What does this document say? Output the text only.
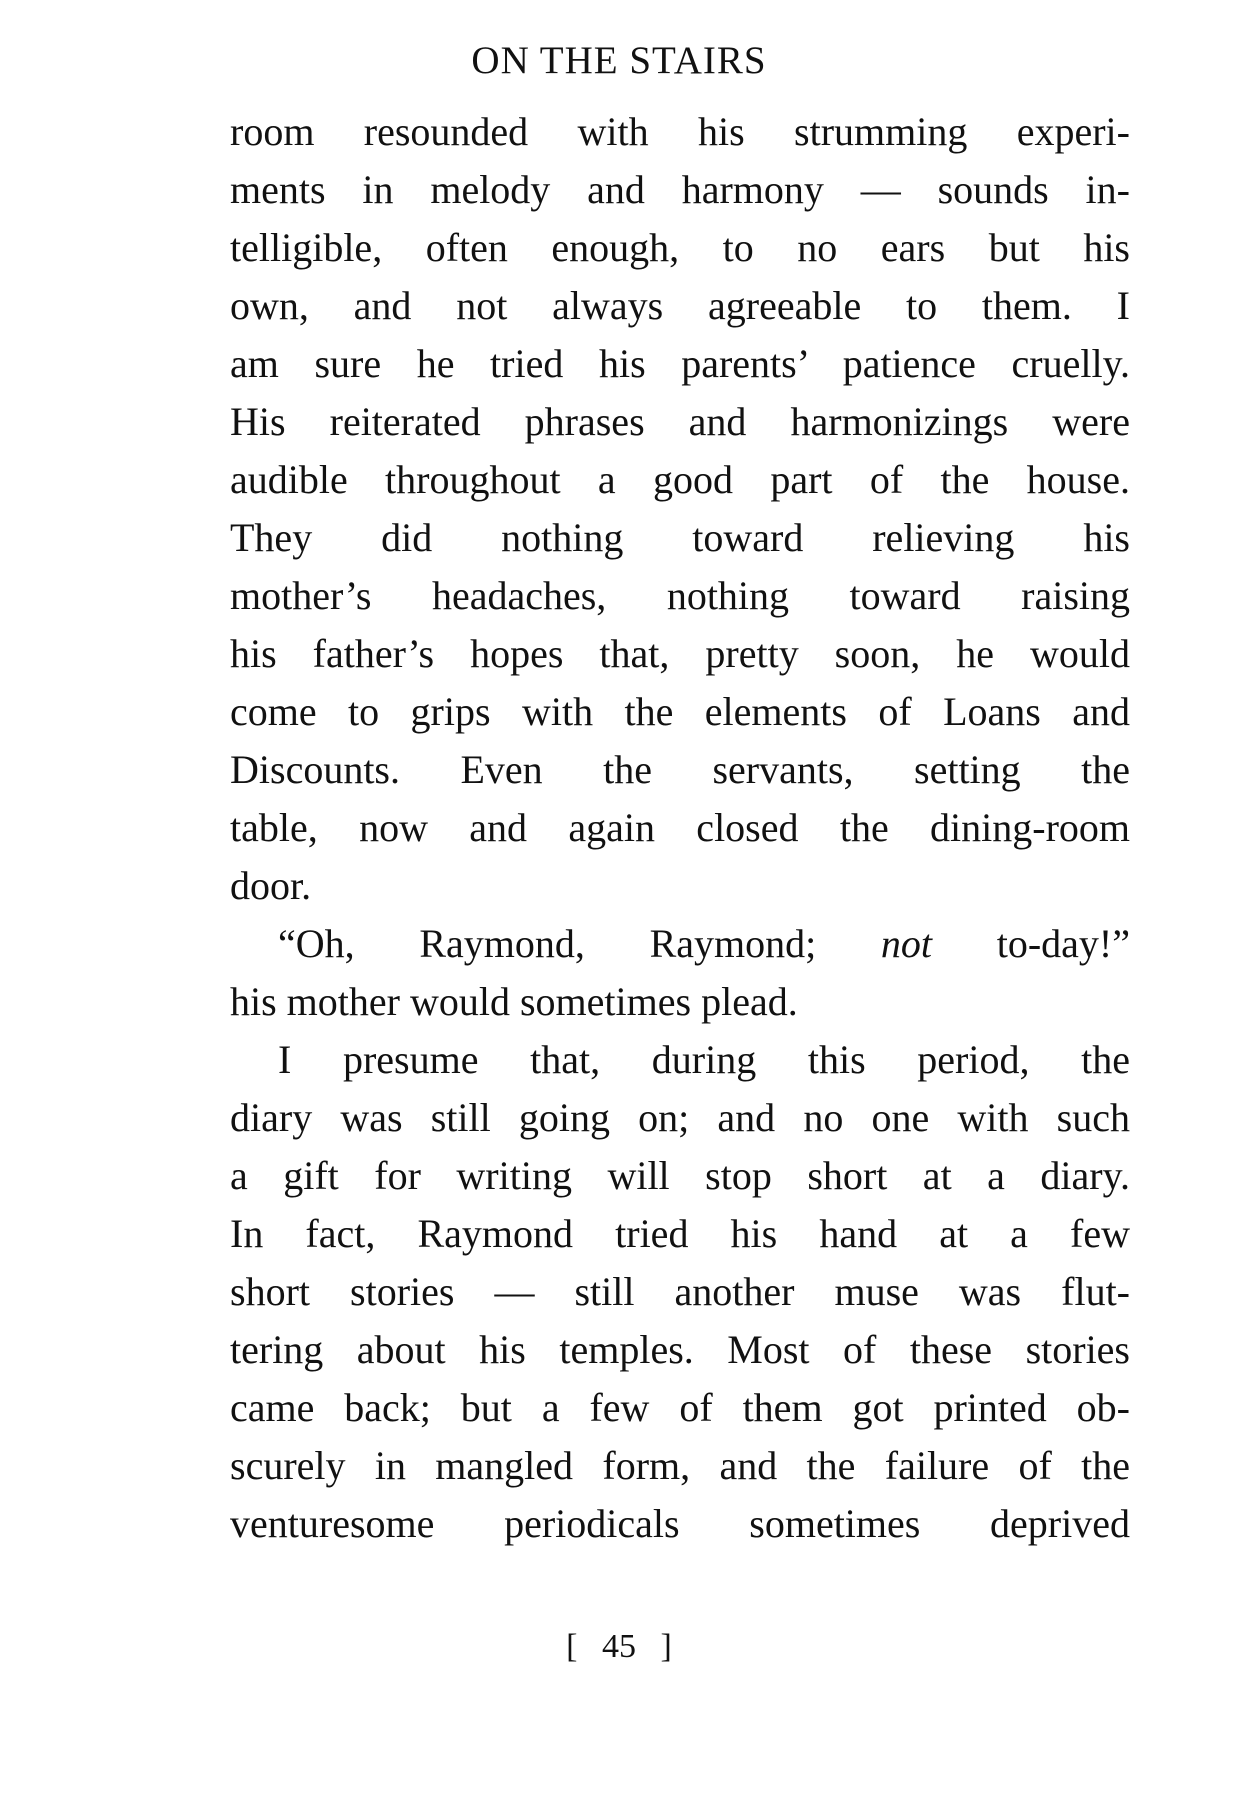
ON THE STAIRS
room resounded with his strumming experi-
ments in melody and harmony — sounds in-
telligible, often enough, to no ears but his
own, and not always agreeable to them. I
am sure he tried his parents’ patience cruelly.
His reiterated phrases and harmonizings were
audible throughout a good part of the house.
They did nothing toward relieving his
mother’s headaches, nothing toward raising
his father’s hopes that, pretty soon, he would
come to grips with the elements of Loans and
Discounts. Even the servants, setting the
table, now and again closed the dining-room
door.
“Oh, Raymond, Raymond; not to-day!”
his mother would sometimes plead.
I presume that, during this period, the
diary was still going on; and no one with such
a gift for writing will stop short at a diary.
In fact, Raymond tried his hand at a few
short stories — still another muse was flut-
tering about his temples. Most of these stories
came back; but a few of them got printed ob-
scurely in mangled form, and the failure of the
venturesome periodicals sometimes deprived
[ 45 ]
